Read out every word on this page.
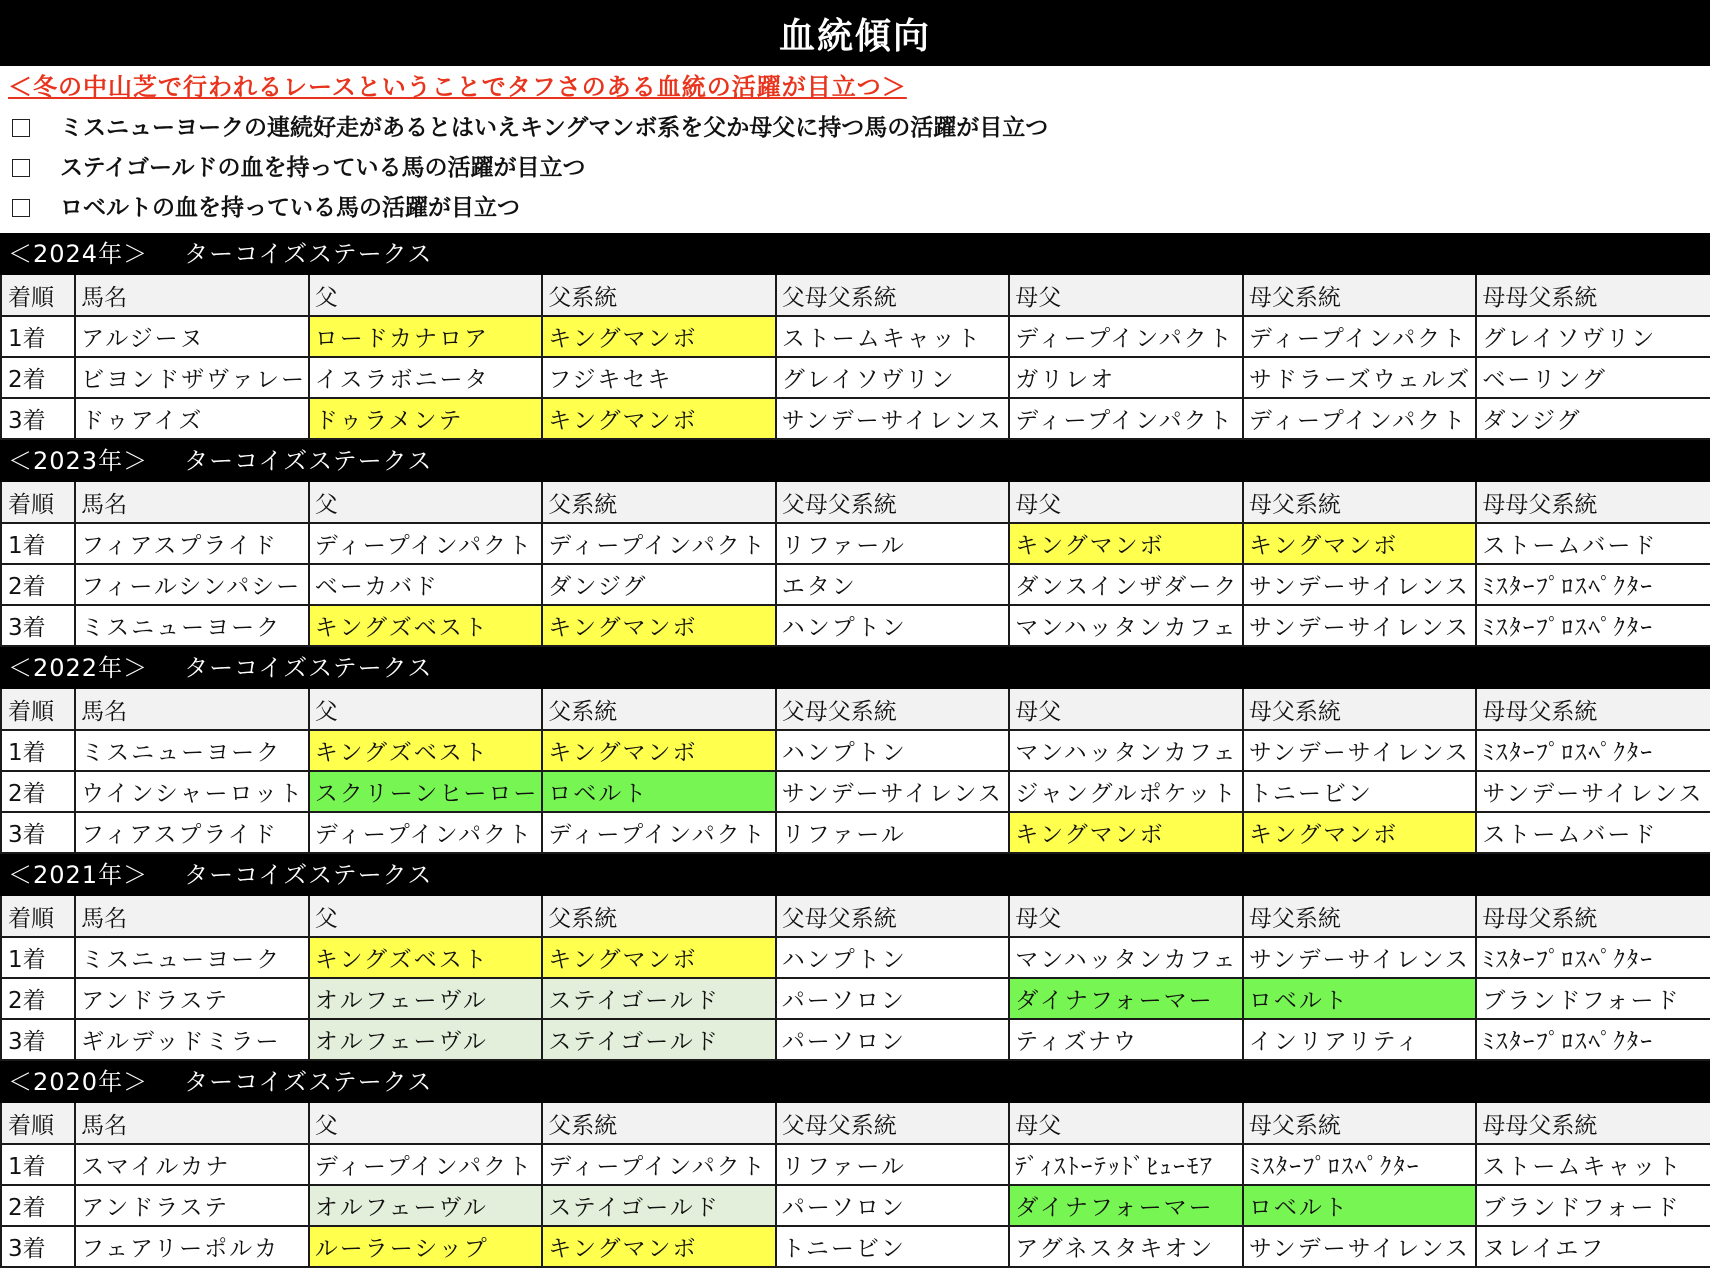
血統傾向
＜冬の中山芝で行われるレースということでタフさのある血統の活躍が目立つ＞
ミスニューヨークの連続好走があるとはいえキングマンボ系を父か母父に持つ馬の活躍が目立つ
ステイゴールドの血を持っている馬の活躍が目立つ
ロベルトの血を持っている馬の活躍が目立つ
＜2024年＞ ターコイズステークス
着順	馬名	父	父系統	父母父系統	母父	母父系統	母母父系統
1着	アルジーヌ	ロードカナロア	キングマンボ	ストームキャット	ディープインパクト	ディープインパクト	グレイソヴリン
2着	ビヨンドザヴァレー	イスラボニータ	フジキセキ	グレイソヴリン	ガリレオ	サドラーズウェルズ	ベーリング
3着	ドゥアイズ	ドゥラメンテ	キングマンボ	サンデーサイレンス	ディープインパクト	ディープインパクト	ダンジグ
＜2023年＞ ターコイズステークス
着順	馬名	父	父系統	父母父系統	母父	母父系統	母母父系統
1着	フィアスプライド	ディープインパクト	ディープインパクト	リファール	キングマンボ	キングマンボ	ストームバード
2着	フィールシンパシー	ベーカバド	ダンジグ	エタン	ダンスインザダーク	サンデーサイレンス	ﾐｽﾀｰﾌﾟﾛｽﾍﾟｸﾀｰ
3着	ミスニューヨーク	キングズベスト	キングマンボ	ハンプトン	マンハッタンカフェ	サンデーサイレンス	ﾐｽﾀｰﾌﾟﾛｽﾍﾟｸﾀｰ
＜2022年＞ ターコイズステークス
着順	馬名	父	父系統	父母父系統	母父	母父系統	母母父系統
1着	ミスニューヨーク	キングズベスト	キングマンボ	ハンプトン	マンハッタンカフェ	サンデーサイレンス	ﾐｽﾀｰﾌﾟﾛｽﾍﾟｸﾀｰ
2着	ウインシャーロット	スクリーンヒーロー	ロベルト	サンデーサイレンス	ジャングルポケット	トニービン	サンデーサイレンス
3着	フィアスプライド	ディープインパクト	ディープインパクト	リファール	キングマンボ	キングマンボ	ストームバード
＜2021年＞ ターコイズステークス
着順	馬名	父	父系統	父母父系統	母父	母父系統	母母父系統
1着	ミスニューヨーク	キングズベスト	キングマンボ	ハンプトン	マンハッタンカフェ	サンデーサイレンス	ﾐｽﾀｰﾌﾟﾛｽﾍﾟｸﾀｰ
2着	アンドラステ	オルフェーヴル	ステイゴールド	パーソロン	ダイナフォーマー	ロベルト	ブランドフォード
3着	ギルデッドミラー	オルフェーヴル	ステイゴールド	パーソロン	ティズナウ	インリアリティ	ﾐｽﾀｰﾌﾟﾛｽﾍﾟｸﾀｰ
＜2020年＞ ターコイズステークス
着順	馬名	父	父系統	父母父系統	母父	母父系統	母母父系統
1着	スマイルカナ	ディープインパクト	ディープインパクト	リファール	ﾃﾞｨｽﾄｰﾃｯﾄﾞﾋｭｰﾓｱ	ﾐｽﾀｰﾌﾟﾛｽﾍﾟｸﾀｰ	ストームキャット
2着	アンドラステ	オルフェーヴル	ステイゴールド	パーソロン	ダイナフォーマー	ロベルト	ブランドフォード
3着	フェアリーポルカ	ルーラーシップ	キングマンボ	トニービン	アグネスタキオン	サンデーサイレンス	ヌレイエフ
